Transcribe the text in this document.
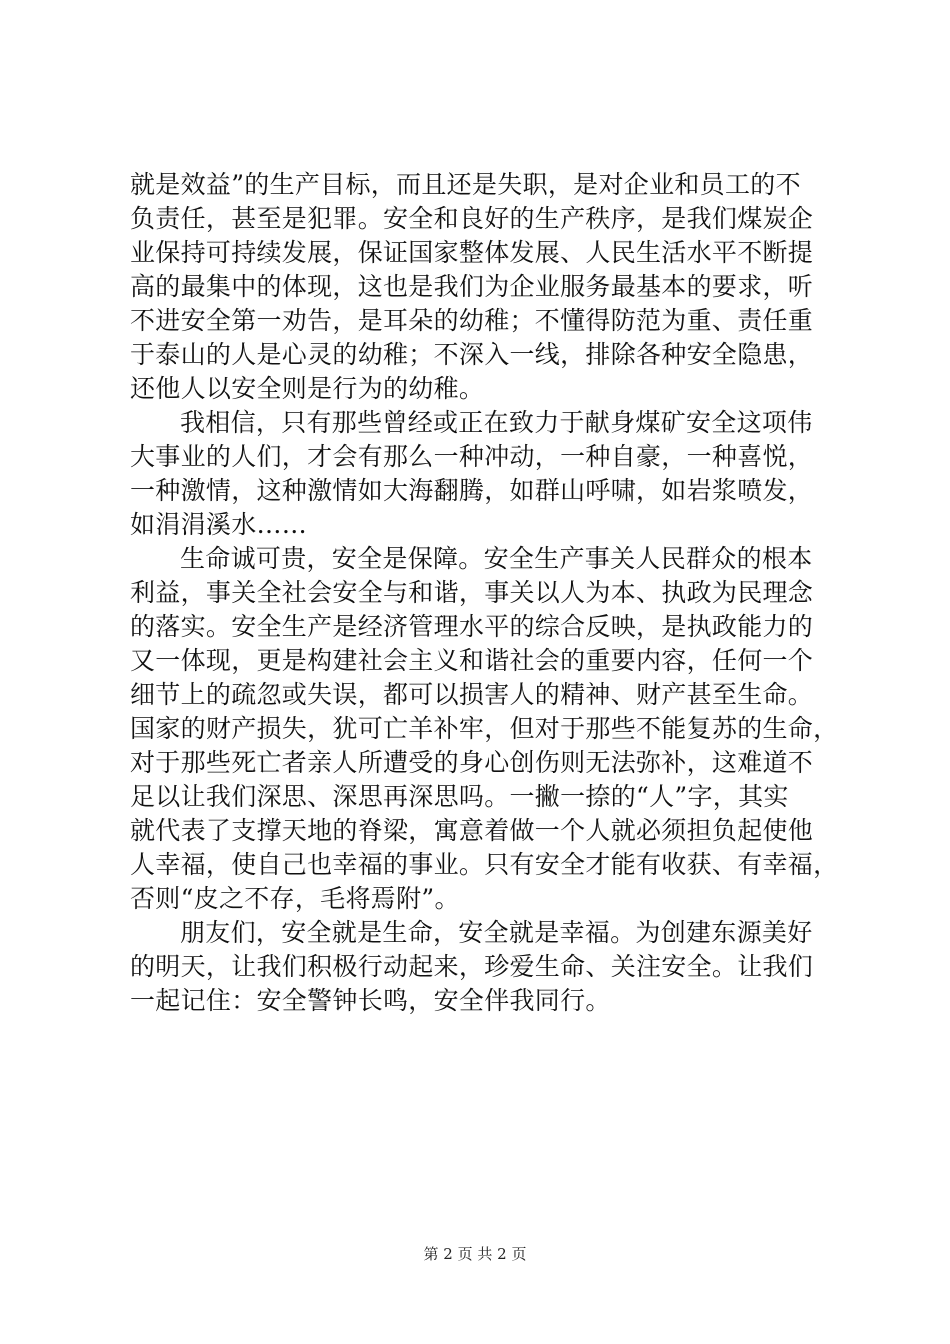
就是效益”的生产目标，而且还是失职，是对企业和员工的不
负责任，甚至是犯罪。安全和良好的生产秩序，是我们煤炭企
业保持可持续发展，保证国家整体发展、人民生活水平不断提
高的最集中的体现，这也是我们为企业服务最基本的要求，听
不进安全第一劝告，是耳朵的幼稚；不懂得防范为重、责任重
于泰山的人是心灵的幼稚；不深入一线，排除各种安全隐患，
还他人以安全则是行为的幼稚。
我相信，只有那些曾经或正在致力于献身煤矿安全这项伟
大事业的人们，才会有那么一种冲动，一种自豪，一种喜悦，
一种激情，这种激情如大海翻腾，如群山呼啸，如岩浆喷发，
如涓涓溪水……
生命诚可贵，安全是保障。安全生产事关人民群众的根本
利益，事关全社会安全与和谐，事关以人为本、执政为民理念
的落实。安全生产是经济管理水平的综合反映，是执政能力的
又一体现，更是构建社会主义和谐社会的重要内容，任何一个
细节上的疏忽或失误，都可以损害人的精神、财产甚至生命。
国家的财产损失，犹可亡羊补牢，但对于那些不能复苏的生命，
对于那些死亡者亲人所遭受的身心创伤则无法弥补，这难道不
足以让我们深思、深思再深思吗。一撇一捺的“人”字，其实
就代表了支撑天地的脊梁，寓意着做一个人就必须担负起使他
人幸福，使自己也幸福的事业。只有安全才能有收获、有幸福，
否则“皮之不存，毛将焉附”。
朋友们，安全就是生命，安全就是幸福。为创建东源美好
的明天，让我们积极行动起来，珍爱生命、关注安全。让我们
一起记住：安全警钟长鸣，安全伴我同行。
第 2 页 共 2 页
